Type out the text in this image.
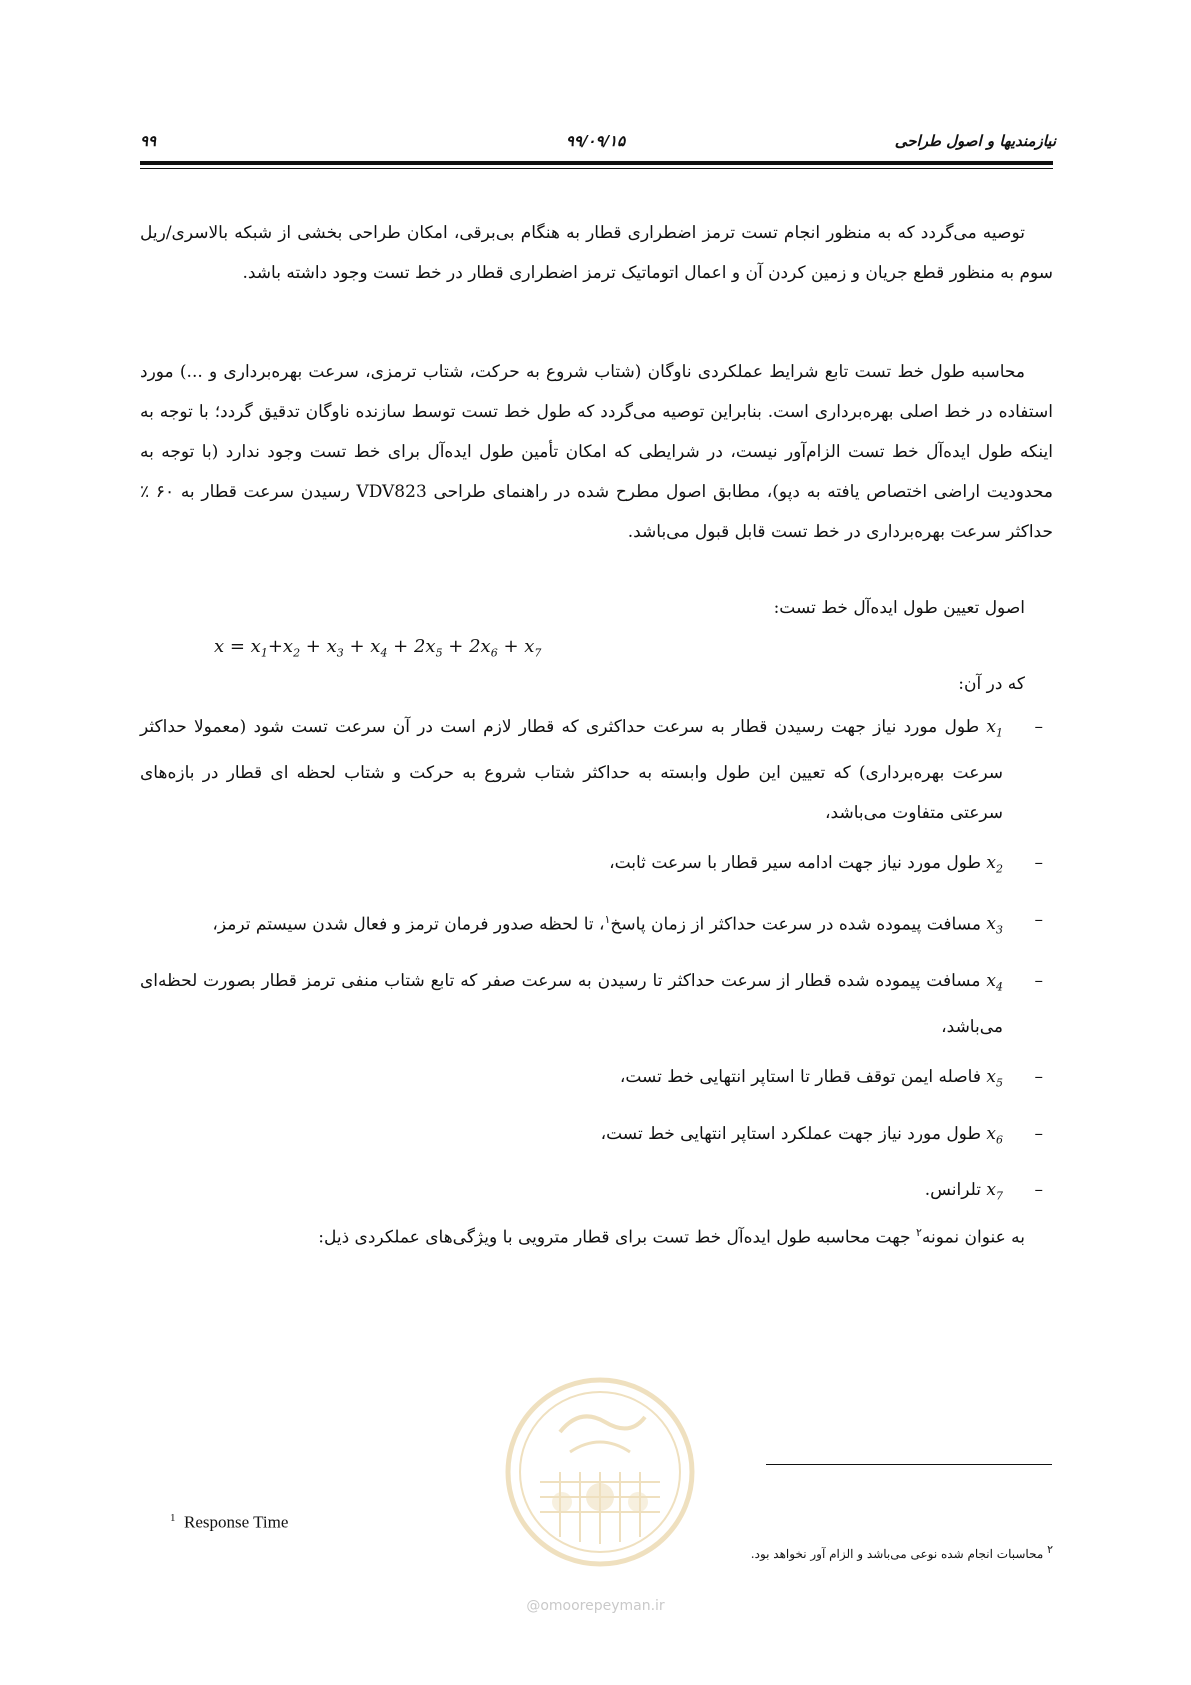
نیازمندیها و اصول طراحی
۹۹/۰۹/۱۵
۹۹

توصیه می‌گردد که به منظور انجام تست ترمز اضطراری قطار به هنگام بی‌برقی، امکان طراحی بخشی از شبکه بالاسری/ریل سوم به منظور قطع جریان و زمین کردن آن و اعمال اتوماتیک ترمز اضطراری قطار در خط تست وجود داشته باشد.

محاسبه طول خط تست تابع شرایط عملکردی ناوگان (شتاب شروع به حرکت، شتاب ترمزی، سرعت بهره‌برداری و ...) مورد استفاده در خط اصلی بهره‌برداری است. بنابراین توصیه می‌گردد که طول خط تست توسط سازنده ناوگان تدقیق گردد؛ با توجه به اینکه طول ایده‌آل خط تست الزام‌آور نیست، در شرایطی که امکان تأمین طول ایده‌آل برای خط تست وجود ندارد (با توجه به محدودیت اراضی اختصاص یافته به دپو)، مطابق اصول مطرح شده در راهنمای طراحی VDV823 رسیدن سرعت قطار به ۶۰ ٪ حداکثر سرعت بهره‌برداری در خط تست قابل قبول می‌باشد.

اصول تعیین طول ایده‌آل خط تست:

$x = x_1+x_2 + x_3 + x_4 + 2x_5 + 2x_6 + x_7$

که در آن:

–
$x_1$ طول مورد نیاز جهت رسیدن قطار به سرعت حداکثری که قطار لازم است در آن سرعت تست شود (معمولا حداکثر سرعت بهره‌برداری) که تعیین این طول وابسته به حداکثر شتاب شروع به حرکت و شتاب لحظه ای قطار در بازه‌های سرعتی متفاوت می‌باشد،
–
$x_2$ طول مورد نیاز جهت ادامه سیر قطار با سرعت ثابت،
–
$x_3$ مسافت پیموده شده در سرعت حداکثر از زمان پاسخ$^۱$، تا لحظه صدور فرمان ترمز و فعال شدن سیستم ترمز،
–
$x_4$ مسافت پیموده شده قطار از سرعت حداکثر تا رسیدن به سرعت صفر که تابع شتاب منفی ترمز قطار بصورت لحظه‌ای می‌باشد،
–
$x_5$ فاصله ایمن توقف قطار تا استاپر انتهایی خط تست،
–
$x_6$ طول مورد نیاز جهت عملکرد استاپر انتهایی خط تست،
–
$x_7$ تلرانس.

به عنوان نمونه$^۲$ جهت محاسبه طول ایده‌آل خط تست برای قطار مترویی با ویژگی‌های عملکردی ذیل:

$^1$ Response Time
$^۲$ محاسبات انجام شده نوعی می‌باشد و الزام آور نخواهد بود.
@omoorepeyman.ir
